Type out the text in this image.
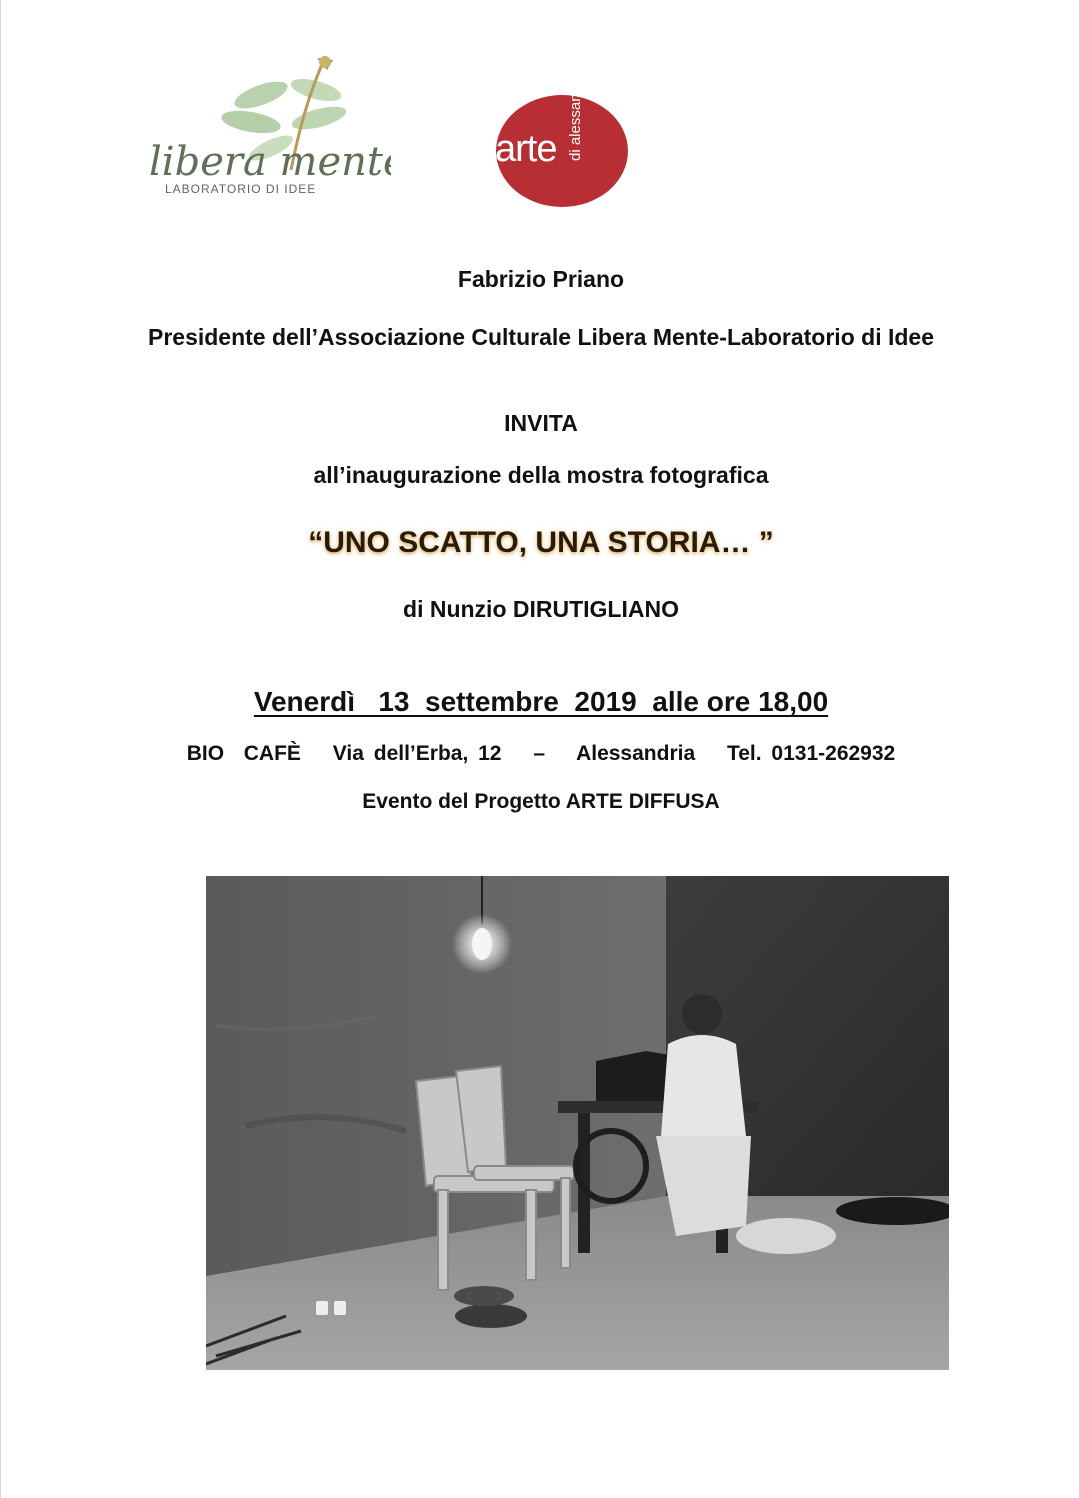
libera mente
LABORATORIO DI IDEE
arte
Fabrizio Priano
Presidente dell’Associazione Culturale Libera Mente-Laboratorio di Idee
INVITA
all’inaugurazione della mostra fotografica
“UNO SCATTO, UNA STORIA… ”
di Nunzio DIRUTIGLIANO
Venerdì   13  settembre  2019  alle ore 18,00
BIO  CAFÈ Via dell’Erba, 12 – Alessandria Tel. 0131-262932
Evento del Progetto ARTE DIFFUSA
